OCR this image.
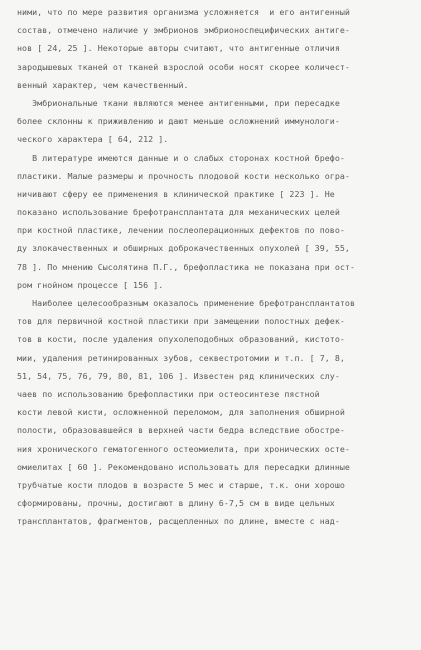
ними, что по мере развития организма усложняется  и его антигенный
состав, отмечено наличие у эмбрионов эмбрионоспецифических антиге-
нов [ 24, 25 ]. Некоторые авторы считают, что антигенные отличия
зародышевых тканей от тканей взрослой особи носят скорее количест-
венный характер, чем качественный.
Эмбриональные ткани являются менее антигенными, при пересадке
более склонны к приживлению и дают меньше осложнений иммунологи-
ческого характера [ 64, 212 ].
В литературе имеются данные и о слабых сторонах костной брефо-
пластики. Малые размеры и прочность плодовой кости несколько огра-
ничивают сферу ее применения в клинической практике [ 223 ]. Не
показано использование брефотрансплантата для механических целей
при костной пластике, лечении послеоперационных дефектов по пово-
ду злокачественных и обширных доброкачественных опухолей [ 39, 55,
78 ]. По мнению Сысолятина П.Г., брефопластика не показана при ост-
ром гнойном процессе [ 156 ].
Наиболее целесообразным оказалось применение брефотрансплантатов
тов для первичной костной пластики при замещении полостных дефек-
тов в кости, после удаления опухолеподобных образований, кистото-
мии, удаления ретинированных зубов, секвестротомии и т.п. [ 7, 8,
51, 54, 75, 76, 79, 80, 81, 106 ]. Известен ряд клинических слу-
чаев по использованию брефопластики при остеосинтезе пястной
кости левой кисти, осложненной переломом, для заполнения обширной
полости, образовавшейся в верхней части бедра вследствие обостре-
ния хронического гематогенного остеомиелита, при хронических осте-
омиелитах [ 60 ]. Рекомендовано использовать для пересадки длинные
трубчатые кости плодов в возрасте 5 мес и старше, т.к. они хорошо
сформированы, прочны, достигают в длину 6-7,5 см в виде цельных
трансплантатов, фрагментов, расщепленных по длине, вместе с над-
